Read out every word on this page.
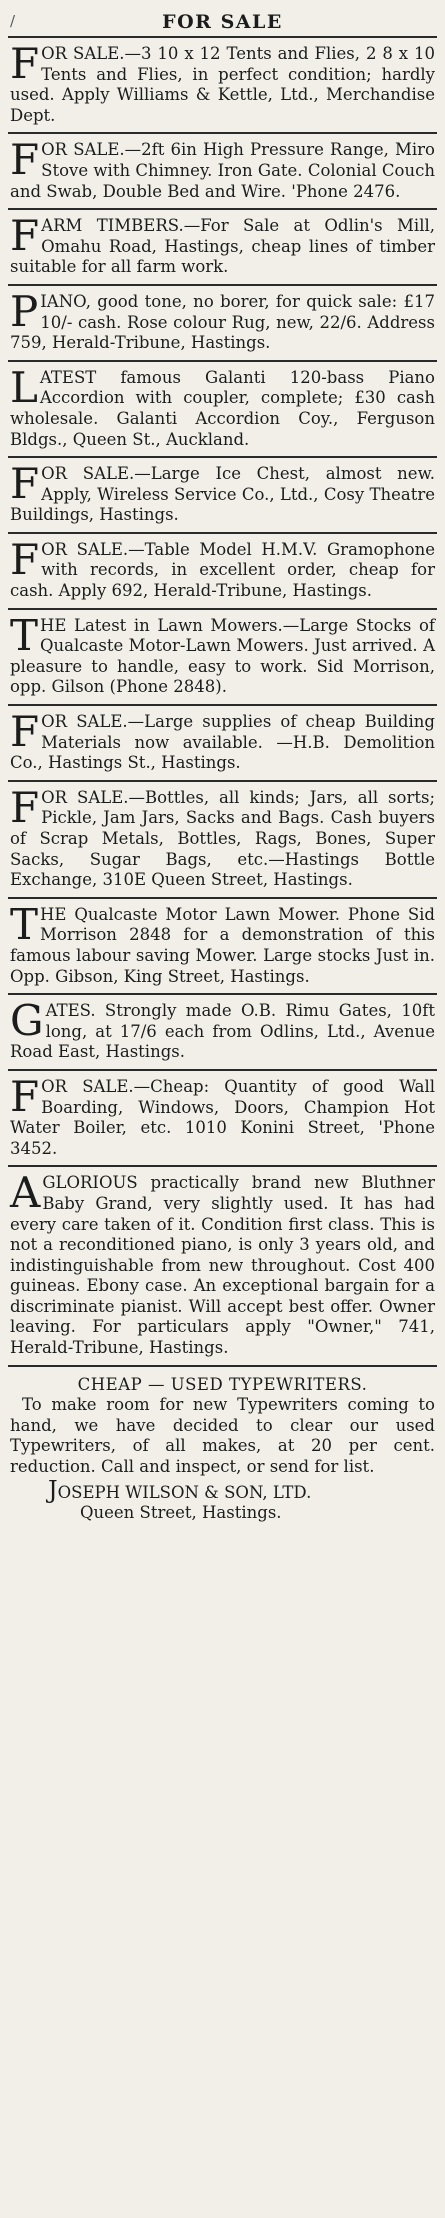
/	FOR SALE
FOR SALE.—3 10 x 12 Tents and Flies, 2 8 x 10 Tents and Flies, in perfect condition; hardly used. Apply Williams & Kettle, Ltd., Merchandise Dept.
FOR SALE.—2ft 6in High Pressure Range, Miro Stove with Chimney. Iron Gate. Colonial Couch and Swab, Double Bed and Wire. 'Phone 2476.
FARM TIMBERS.—For Sale at Odlin's Mill, Omahu Road, Hastings, cheap lines of timber suitable for all farm work.
PIANO, good tone, no borer, for quick sale: £17 10/- cash. Rose colour Rug, new, 22/6. Address 759, Herald-Tribune, Hastings.
LATEST famous Galanti 120-bass Piano Accordion with coupler, complete; £30 cash wholesale. Galanti Accordion Coy., Ferguson Bldgs., Queen St., Auckland.
FOR SALE.—Large Ice Chest, almost new. Apply, Wireless Service Co., Ltd., Cosy Theatre Buildings, Hastings.
FOR SALE.—Table Model H.M.V. Gramophone with records, in excellent order, cheap for cash. Apply 692, Herald-Tribune, Hastings.
THE Latest in Lawn Mowers.—Large Stocks of Qualcaste Motor-Lawn Mowers. Just arrived. A pleasure to handle, easy to work. Sid Morrison, opp. Gilson (Phone 2848).
FOR SALE.—Large supplies of cheap Building Materials now available. —H.B. Demolition Co., Hastings St., Hastings.
FOR SALE.—Bottles, all kinds; Jars, all sorts; Pickle, Jam Jars, Sacks and Bags. Cash buyers of Scrap Metals, Bottles, Rags, Bones, Super Sacks, Sugar Bags, etc.—Hastings Bottle Exchange, 310E Queen Street, Hastings.
THE Qualcaste Motor Lawn Mower. Phone Sid Morrison 2848 for a demonstration of this famous labour saving Mower. Large stocks Just in. Opp. Gibson, King Street, Hastings.
GATES. Strongly made O.B. Rimu Gates, 10ft long, at 17/6 each from Odlins, Ltd., Avenue Road East, Hastings.
FOR SALE.—Cheap: Quantity of good Wall Boarding, Windows, Doors, Champion Hot Water Boiler, etc. 1010 Konini Street, 'Phone 3452.
AGLORIOUS practically brand new Bluthner Baby Grand, very slightly used. It has had every care taken of it. Condition first class. This is not a reconditioned piano, is only 3 years old, and indistinguishable from new throughout. Cost 400 guineas. Ebony case. An exceptional bargain for a discriminate pianist. Will accept best offer. Owner leaving. For particulars apply "Owner," 741, Herald-Tribune, Hastings.
CHEAP — USED TYPEWRITERS.
To make room for new Typewriters coming to hand, we have decided to clear our used Typewriters, of all makes, at 20 per cent. reduction. Call and inspect, or send for list.
JOSEPH WILSON & SON, LTD.
Queen Street, Hastings.
